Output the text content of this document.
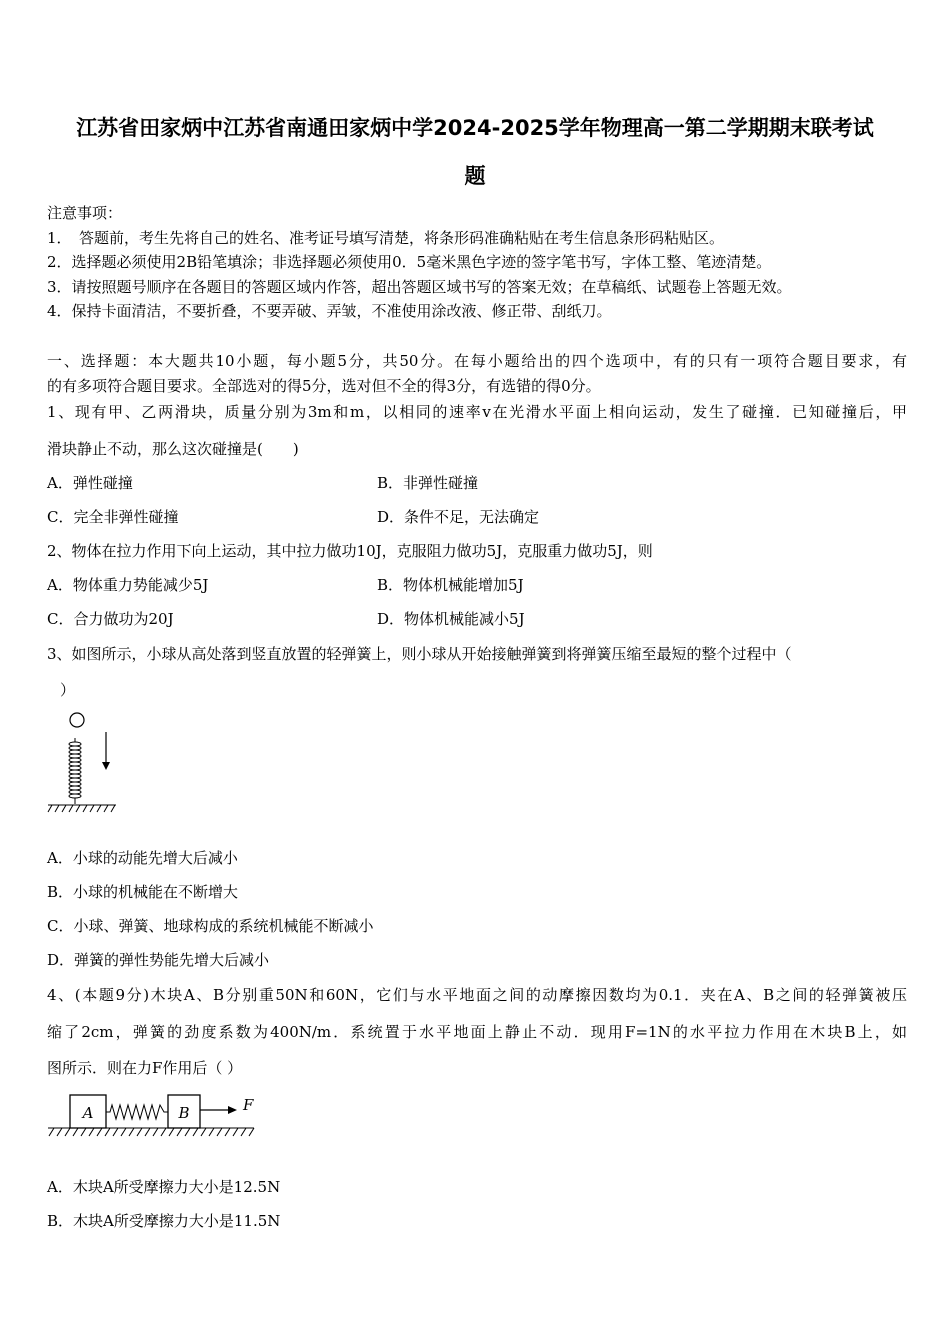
江苏省田家炳中江苏省南通田家炳中学2024-2025学年物理高一第二学期期末联考试
题
注意事项：
1．　答题前，考生先将自己的姓名、准考证号填写清楚，将条形码准确粘贴在考生信息条形码粘贴区。
2．选择题必须使用2B铅笔填涂；非选择题必须使用0．5毫米黑色字迹的签字笔书写，字体工整、笔迹清楚。
3．请按照题号顺序在各题目的答题区域内作答，超出答题区域书写的答案无效；在草稿纸、试题卷上答题无效。
4．保持卡面清洁，不要折叠，不要弄破、弄皱，不准使用涂改液、修正带、刮纸刀。
一、选择题：本大题共10小题，每小题5分，共50分。在每小题给出的四个选项中，有的只有一项符合题目要求，有
的有多项符合题目要求。全部选对的得5分，选对但不全的得3分，有选错的得0分。
1、现有甲、乙两滑块，质量分别为3m和m，以相同的速率v在光滑水平面上相向运动，发生了碰撞．已知碰撞后，甲
滑块静止不动，那么这次碰撞是(　　)
A．弹性碰撞	B．非弹性碰撞
C．完全非弹性碰撞	D．条件不足，无法确定
2、物体在拉力作用下向上运动，其中拉力做功10J，克服阻力做功5J，克服重力做功5J，则
A．物体重力势能减少5J	B．物体机械能增加5J
C．合力做功为20J	D．物体机械能减小5J
3、如图所示，小球从高处落到竖直放置的轻弹簧上，则小球从开始接触弹簧到将弹簧压缩至最短的整个过程中（
）
A．小球的动能先增大后减小
B．小球的机械能在不断增大
C．小球、弹簧、地球构成的系统机械能不断减小
D．弹簧的弹性势能先增大后减小
4、(本题9分)木块A、B分别重50N和60N，它们与水平地面之间的动摩擦因数均为0.1．夹在A、B之间的轻弹簧被压
缩了2cm，弹簧的劲度系数为400N/m．系统置于水平地面上静止不动．现用F=1N的水平拉力作用在木块B上，如
图所示．则在力F作用后（ ）
A	B	F
A．木块A所受摩擦力大小是12.5N
B．木块A所受摩擦力大小是11.5N
